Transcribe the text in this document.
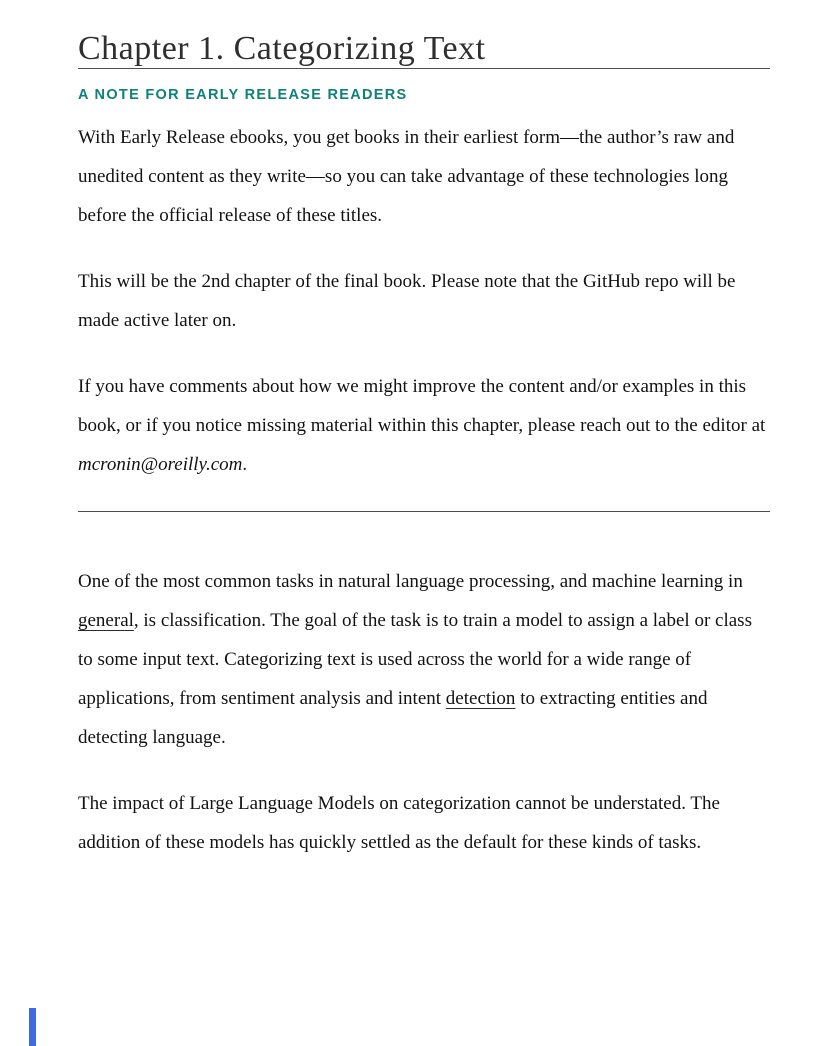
Chapter 1. Categorizing Text
A NOTE FOR EARLY RELEASE READERS

With Early Release ebooks, you get books in their earliest form—the author’s raw and unedited content as they write—so you can take advantage of these technologies long before the official release of these titles.

This will be the 2nd chapter of the final book. Please note that the GitHub repo will be made active later on.

If you have comments about how we might improve the content and/or examples in this book, or if you notice missing material within this chapter, please reach out to the editor at mcronin@oreilly.com.

One of the most common tasks in natural language processing, and machine learning in general, is classification. The goal of the task is to train a model to assign a label or class to some input text. Categorizing text is used across the world for a wide range of applications, from sentiment analysis and intent detection to extracting entities and detecting language.

The impact of Large Language Models on categorization cannot be understated. The addition of these models has quickly settled as the default for these kinds of tasks.
